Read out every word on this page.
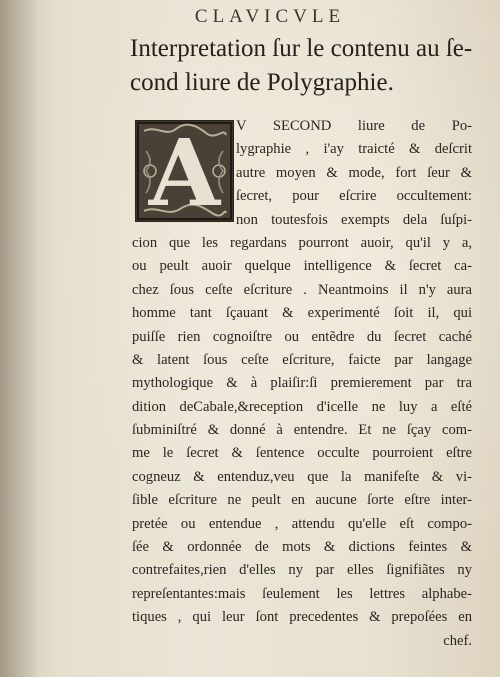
CLAVICVLE
Interpretation ſur le contenu au ſe-
cond liure de Polygraphie.
A	V SECOND liure de Po-
lygraphie , i'ay traicté & deſcrit
autre moyen & mode, fort ſeur &
ſecret, pour eſcrire occultement:
non toutesfois exempts dela ſuſpi-
cion que les regardans pourront auoir, qu'il y a,
ou peult auoir quelque intelligence & ſecret ca-
chez ſous ceſte eſcriture . Neantmoins il n'y aura
homme tant ſçauant & experimenté ſoit il, qui
puiſſe rien cognoiſtre ou entẽdre du ſecret caché
& latent ſous ceſte eſcriture, faicte par langage
mythologique & à plaiſir:ſi premierement par tra
dition deCabale,&reception d'icelle ne luy a eſté
ſubminiſtré & donné à entendre. Et ne ſçay com-
me le ſecret & ſentence occulte pourroient eſtre
cogneuz & entenduz,veu que la manifeſte & vi-
ſible eſcriture ne peult en aucune ſorte eſtre inter-
pretée ou entendue , attendu qu'elle eſt compo-
ſée & ordonnée de mots & dictions feintes &
contrefaites,rien d'elles ny par elles ſignifiãtes ny
repreſentantes:mais ſeulement les lettres alphabe-
tiques , qui leur ſont precedentes & prepoſées en
chef.
